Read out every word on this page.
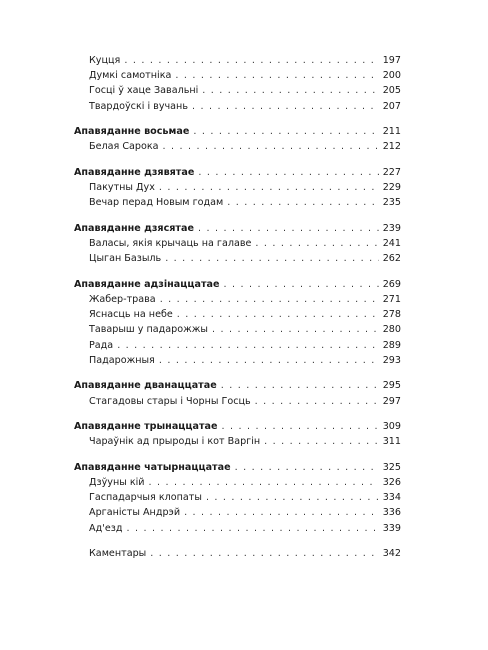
Куцця . . .	197
Думкі самотніка . . .	200
Госці ў хаце Завальні . . .	205
Твардоўскі і вучань . . .	207
Апавяданне восьмае . . .	211
Белая Сарока . . .	212
Апавяданне дзявятае . . .	227
Пакутны Дух . . .	229
Вечар перад Новым годам . . .	235
Апавяданне дзясятае . . .	239
Валасы, якія крычаць на галаве . . .	241
Цыган Базыль . . .	262
Апавяданне адзінаццатае . . .	269
Жабер-трава . . .	271
Яснасць на небе . . .	278
Таварыш у падарожжы . . .	280
Рада . . .	289
Падарожныя . . .	293
Апавяданне дванаццатае . . .	295
Стагадовы стары і Чорны Госць . . .	297
Апавяданне трынаццатае . . .	309
Чараўнік ад прыроды і кот Варгін . . .	311
Апавяданне чатырнаццатае . . .	325
Дзўуны кій . . .	326
Гаспадарчыя клопаты . . .	334
Арганісты Андрэй . . .	336
Ад'езд . . .	339
Каментары . . .	342
